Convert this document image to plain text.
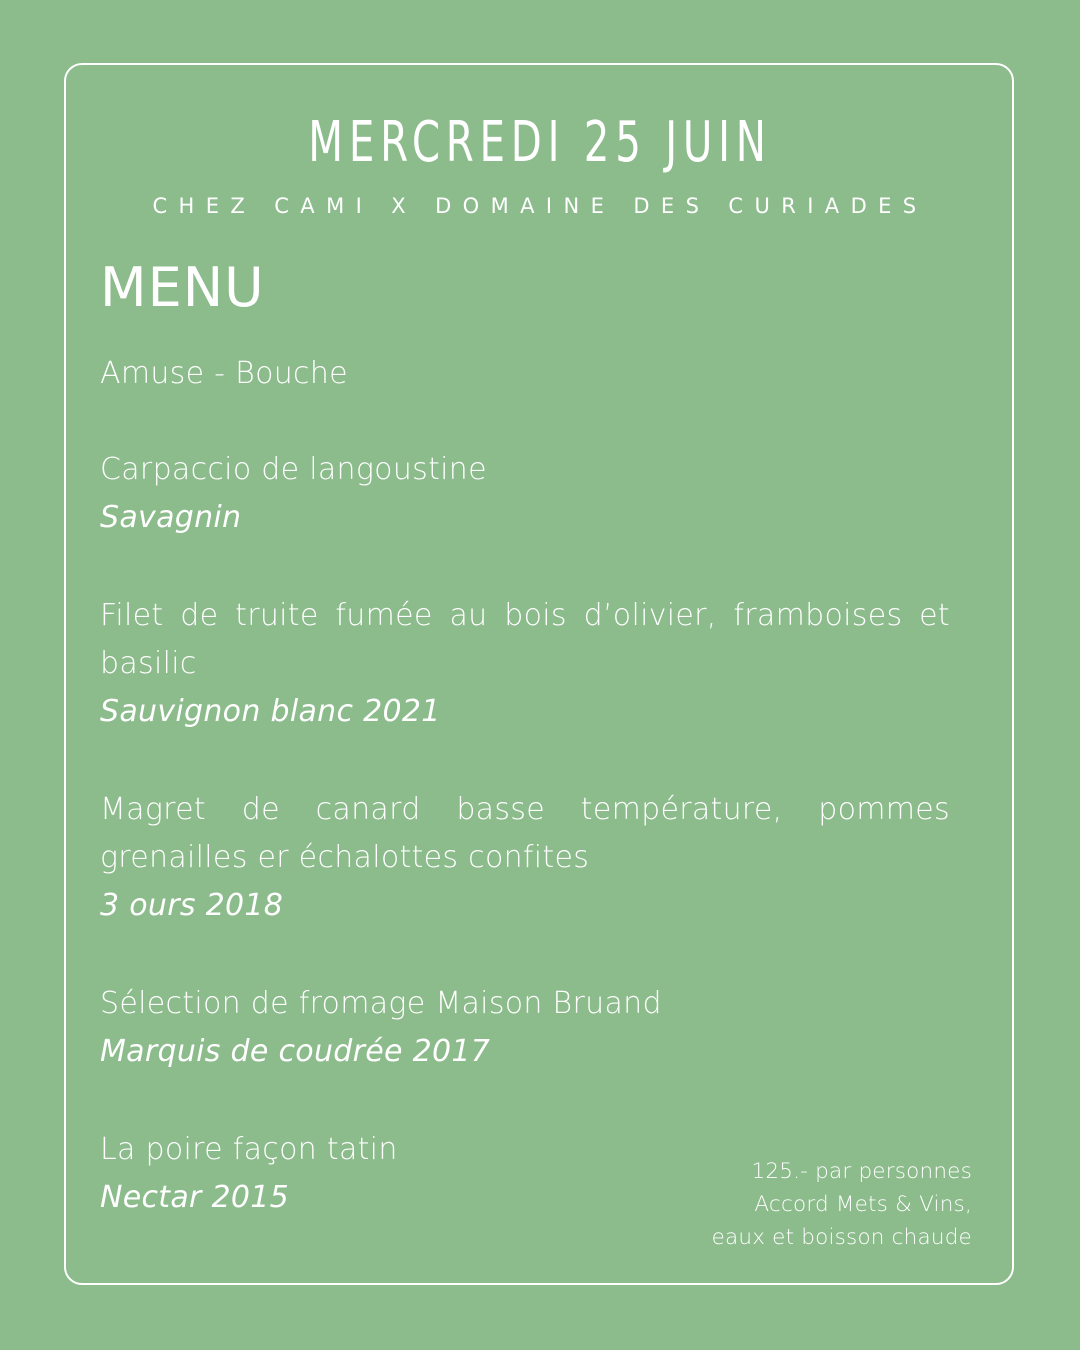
MERCREDI 25 JUIN
CHEZ CAMI X DOMAINE DES CURIADES
MENU
Amuse - Bouche
Carpaccio de langoustine
Savagnin
Filet de truite fumée au bois d’olivier, framboises et basilic
Sauvignon blanc 2021
Magret de canard basse température, pommes grenailles er échalottes confites
3 ours 2018
Sélection de fromage Maison Bruand
Marquis de coudrée 2017
La poire façon tatin
Nectar 2015
125.- par personnes
Accord Mets & Vins,
eaux et boisson chaude
